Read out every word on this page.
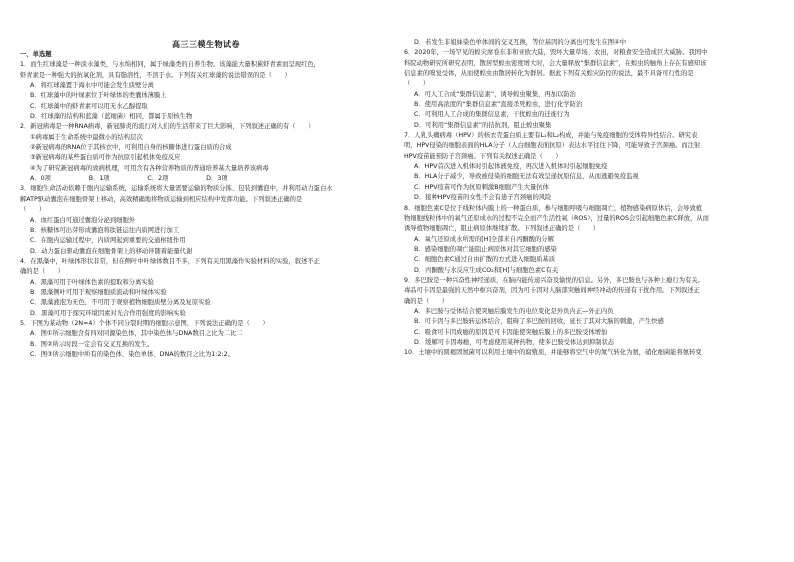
高三三模生物试卷
一、单选题
1．而生红球藻是一种淡水藻类，与水绵相同，属于绿藻类的自养生物。该藻能大量积累虾青素而呈现红色，
虾青素是一种强大的抗氧化剂，具有脂溶性，不溶于水。下列有关红球藻的说法错误的是（　　）
A．将红球藻置于海水中可能会发生质壁分离
B．红球藻中的叶绿素位于叶绿体的类囊体薄膜上
C．红球藻中的虾青素可以用无水乙醇提取
D．红球藻的结构和蓝藻（蓝细菌）相同，都属于原核生物
2．新冠病毒是一种RNA病毒，新冠肺炎的流行对人们的生活带来了巨大影响，下列叙述正确的有（　　）
①病毒属于生命系统中最微小的结构层次
②新冠病毒的RNA位于其核衣中，可利用自身的核糖体进行蛋白质的合成
③新冠病毒的某些蛋白质可作为抗原引起机体免疫反应
④为了研究新冠病毒的致病机理，可用含有各种营养物质的普通培养基大量培养该病毒
A．0项　　　　　　B．1项　　　　　　C．2项　　　　　　D．3项
3．细胞生命活动依赖于胞内运输系统，运输系统将大量需要运输的物质分拣、包装到囊泡中，并利用动力蛋白水
解ATP驱动囊泡在细胞骨架上移动，高效精确地将物质运输到相应结构中发挥功能。下列叙述正确的是
（　　）
A．血红蛋白可通过囊泡分泌到细胞外
B．核糖体可出芽形成囊泡将肽链运往内质网进行加工
C．在胞内运输过程中，内质网起到重要的交通枢纽作用
D．动力蛋白驱动囊泡在细胞骨架上的移动伴随着能量代谢
4．在黑藻中，叶绿体形状非常，但在侧叶中叶绿体数目不多，下列有关用黑藻作实验材料的实验，叙述不正
确的是（　　）
A．黑藻可用于叶绿体色素的提取和分离实验
B．黑藻侧叶可用于观察细胞质流动和叶绿体实验
C．黑藻液泡为无色，不可用于观察植物细胞质壁分离及复原实验
D．黑藻可用于探究环境因素对光合作用强度的影响实验
5．下图为某动物（2N=4）个体不同分裂时期的细胞示意图，下列说法正确的是（　　）
A．图①所示细胞含有四对同源染色体，其中染色体与DNA数目之比为二比二
B．图②所示时段一定会有交叉互换的发生。
C．图③所示细胞中所有的染色体、染色单体、DNA的数目之比为1:2:2。
D．若发生非姐妹染色单体间的交叉互换，等位基因的分离也可发生在图④中
6．2020年，一场罕见的蝗灾席卷东非和亚欧大陆，毁坏大量草场、农田，对粮食安全造成巨大威胁。我国中
科院动物研究所研究表明，散居型蝗虫密度增大时，会大量释放“集群信息素”，在蝗虫的触角上存在有感知该
信息素的嗅觉受体，从而使蝗虫由散居转化为群居。据此下列有关蝗灾防控的说法，最不具备可行性的是
（　　）
A．可人工合成“集群信息素”，诱导蝗虫聚集，再加以防治
B．使用高浓度的“集群信息素”直接杀死蝗虫，进行化学防治
C．可利用人工合成的集群信息素，干扰蝗虫的迁徙行为
D．可利用“集群信息素”的拮抗剂，阻止蝗虫聚集
7．人乳头瘤病毒（HPV）的核衣壳蛋白质主要有L₁和L₂构成，并能与免疫细胞的受体特异性结合。研究表
明，HPV侵染的细胞表面的HLA分子（人白细胞表面抗原）表达水平往往下降，可能导致子宫颈癌。而注射
HPV疫苗能预防子宫颈癌。下列有关叙述正确是（　　）
A．HPV首次进入机体时引起体液免疫，再次进入机体时引起细胞免疫
B．HLA分子减少，导致被侵染的细胞无法有效呈递抗原信息，从而逃避免疫监视
C．HPV疫苗可作为抗原刺激B细胞产生大量抗体
D．接种HPV疫苗的女性不会有患子宫颈癌的风险
8．细胞色素C是位于线粒体内膜上的一种蛋白质，参与细胞呼吸与细胞凋亡，植物感染病原体后，会导致植
物细胞线粒体中的氧气还原成水的过程不完全而产生活性氧（ROS），过量的ROS会引起细胞色素C释放，从而
诱导植物细胞凋亡，阻止病原体继续扩散。下列叙述正确的是（　　）
A．氧气还原成水所需的[H]全部来自丙酮酸的分解
B．感染细胞的凋亡能阻止病原体对其它细胞的感染
C．细胞色素C通过自由扩散的方式进入细胞质基质
D．丙酮酸与水反应生成CO₂和[H]与细胞色素C有关
9．多巴胺是一种兴奋性神经递质，在脑内能传递兴奋及愉悦的信息。另外，多巴胺也与各种上瘾行为有关。
毒品可卡因是最强的天然中枢兴奋剂，因为可卡因对人脑部突触间神经冲动的传递有干扰作用。下列叙述正
确的是（　　）
A．多巴胺与受体结合使突触后膜发生的电位变化是外负内正—外正内负
B．可卡因与多巴胺转运体结合，阻碍了多巴胺的回收，延长了其对大脑的刺激，产生快感
C．吸食可卡因成瘾的原因是可卡因能使突触后膜上的多巴胺受体增加
D．缓解可卡因毒瘾，可考虑使用某种药物，使多巴胺受体达到抑制状态
10．土壤中的圆褐固氮菌可以利用土壤中的腐殖质，并能够将空气中的氮气转化为氨，硝化细菌能将氨转变
